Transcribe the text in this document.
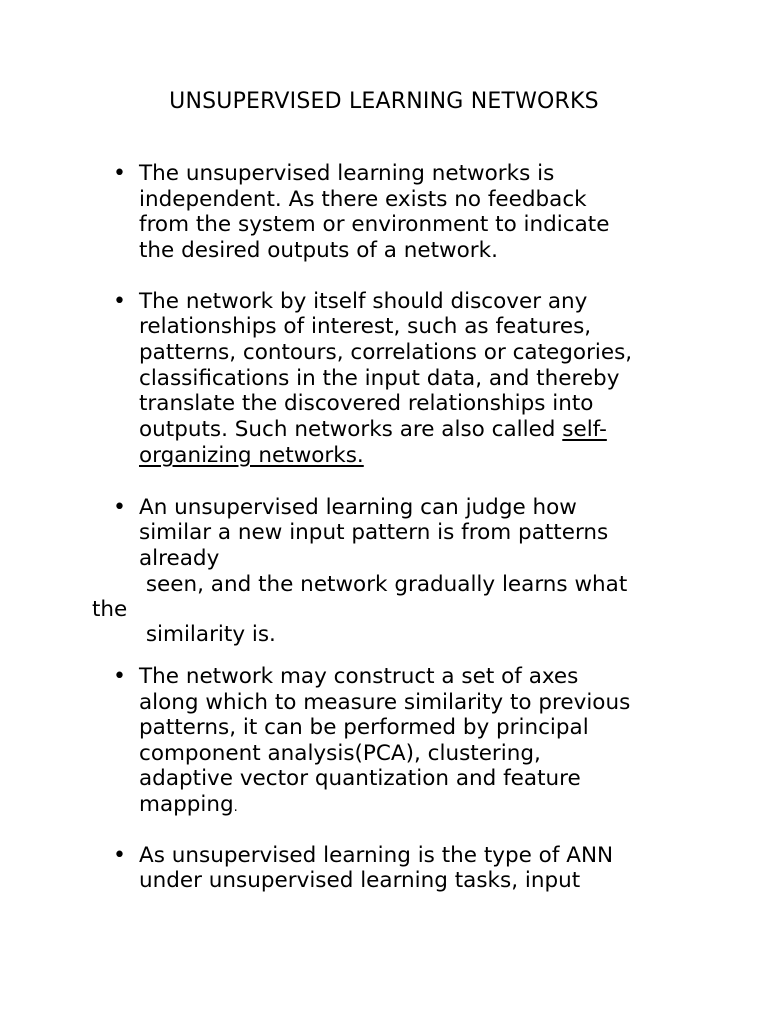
UNSUPERVISED LEARNING NETWORKS
• The unsupervised learning networks is
independent. As there exists no feedback
from the system or environment to indicate
the desired outputs of a network.
• The network by itself should discover any
relationships of interest, such as features,
patterns, contours, correlations or categories,
classifications in the input data, and thereby
translate the discovered relationships into
outputs. Such networks are also called self-
organizing networks.
• An unsupervised learning can judge how
similar a new input pattern is from patterns
already
seen, and the network gradually learns what
the
similarity is.
• The network may construct a set of axes
along which to measure similarity to previous
patterns, it can be performed by principal
component analysis(PCA), clustering,
adaptive vector quantization and feature
mapping.
• As unsupervised learning is the type of ANN
under unsupervised learning tasks, input
